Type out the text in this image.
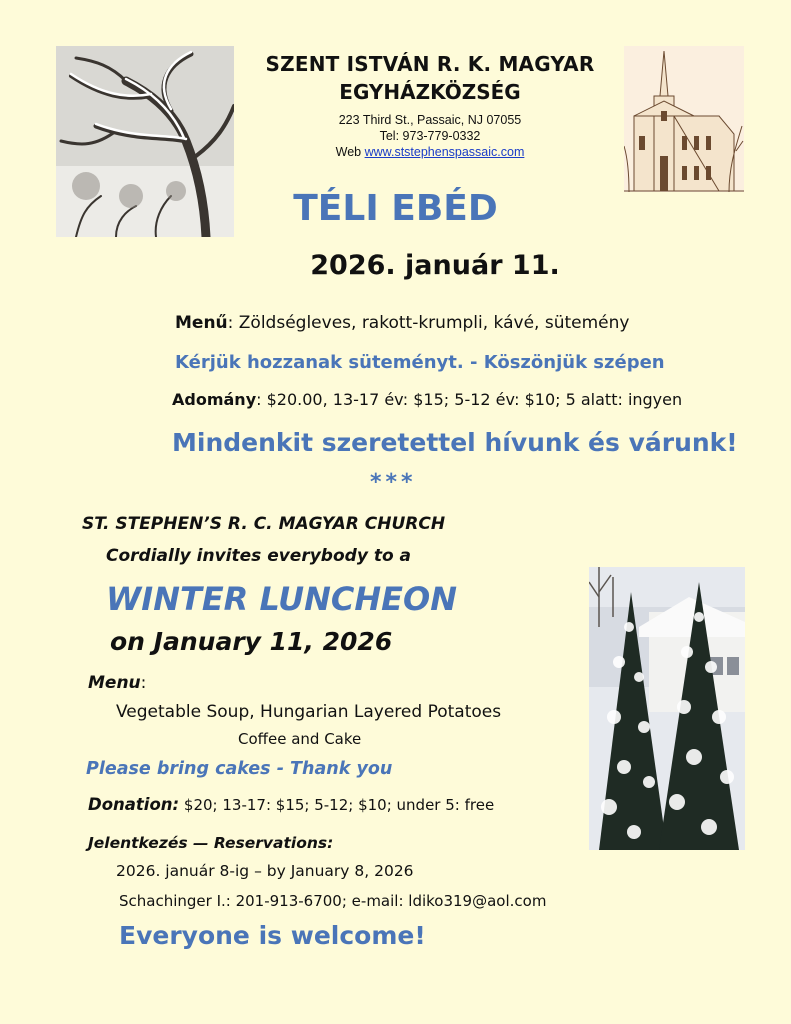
SZENT ISTVÁN R. K. MAGYAR
EGYHÁZKÖZSÉG
223 Third St., Passaic, NJ 07055
Tel: 973-779-0332
Web www.ststephenspassaic.com
TÉLI EBÉD
2026. január 11.
Menű: Zöldségleves, rakott-krumpli, kávé, sütemény
Kérjük hozzanak süteményt. - Köszönjük szépen
Adomány: $20.00, 13-17 év: $15; 5-12 év: $10; 5 alatt: ingyen
Mindenkit szeretettel hívunk és várunk!
***
ST. STEPHEN’S R. C. MAGYAR CHURCH
Cordially invites everybody to a
WINTER LUNCHEON
on January 11, 2026
Menu:
Vegetable Soup, Hungarian Layered Potatoes
Coffee and Cake
Please bring cakes - Thank you
Donation: $20; 13-17: $15; 5-12; $10; under 5: free
Jelentkezés — Reservations:
2026. január 8-ig – by January 8, 2026
Schachinger I.: 201-913-6700; e-mail: ldiko319@aol.com
Everyone is welcome!
